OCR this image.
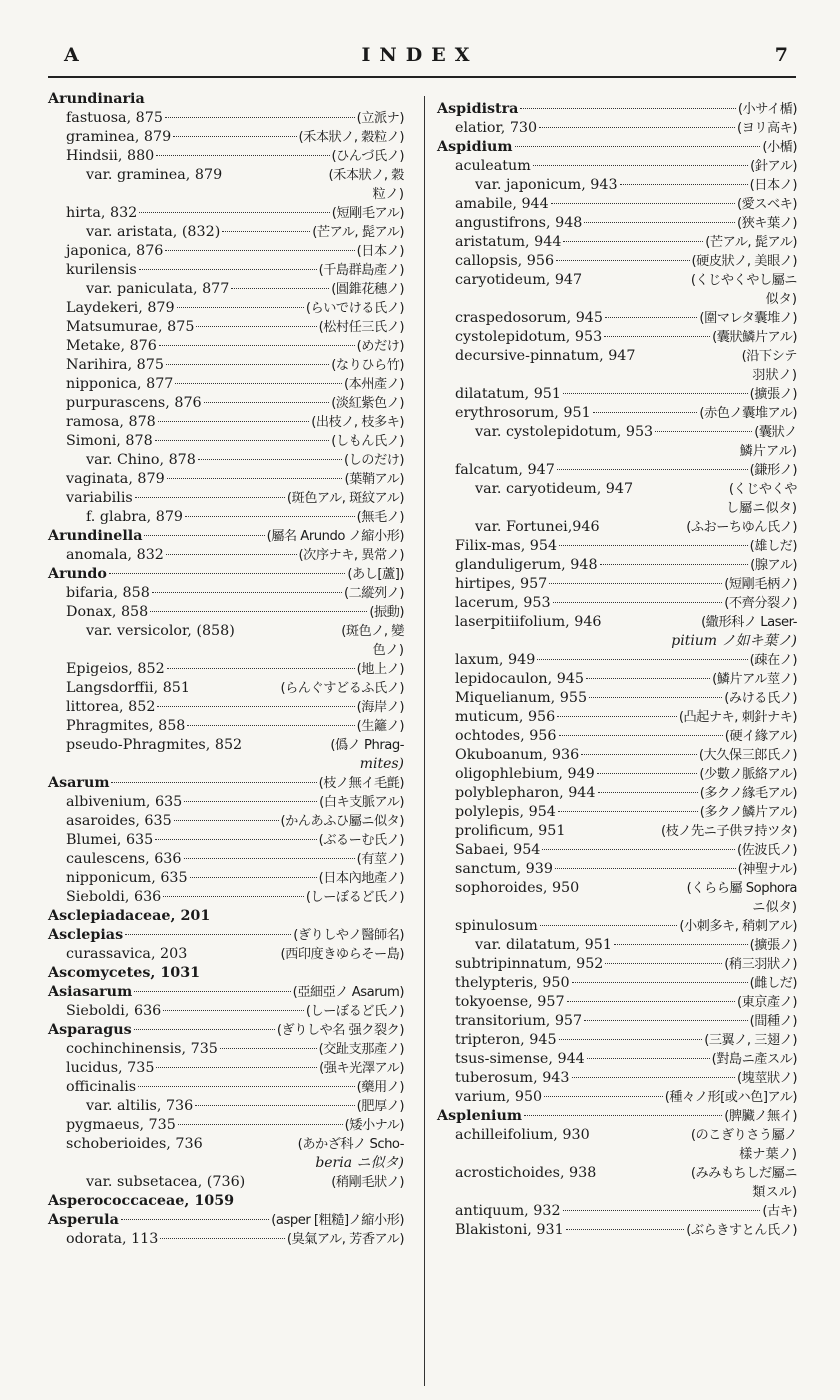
A	INDEX	7
Arundinaria
fastuosa, 875	(立派ナ)
graminea, 879	(禾本狀ノ, 穀粒ノ)
Hindsii, 880	(ひんづ氏ノ)
var. graminea, 879	(禾本狀ノ, 穀
粒ノ)
hirta, 832	(短剛毛アル)
var. aristata, (832)	(芒アル, 髭アル)
japonica, 876	(日本ノ)
kurilensis	(千島群島產ノ)
var. paniculata, 877	(圓錐花穗ノ)
Laydekeri, 879	(らいでける氏ノ)
Matsumurae, 875	(松村任三氏ノ)
Metake, 876	(めだけ)
Narihira, 875	(なりひら竹)
nipponica, 877	(本州產ノ)
purpurascens, 876	(淡紅紫色ノ)
ramosa, 878	(出枝ノ, 枝多キ)
Simoni, 878	(しもん氏ノ)
var. Chino, 878	(しのだけ)
vaginata, 879	(葉鞘アル)
variabilis	(斑色アル, 斑紋アル)
f. glabra, 879	(無毛ノ)
Arundinella	(屬名 Arundo ノ縮小形)
anomala, 832	(次序ナキ, 異常ノ)
Arundo	(あし[蘆])
bifaria, 858	(二縱列ノ)
Donax, 858	(振動)
var. versicolor, (858)	(斑色ノ, 變
色ノ)
Epigeios, 852	(地上ノ)
Langsdorffii, 851	(らんぐすどるふ氏ノ)
littorea, 852	(海岸ノ)
Phragmites, 858	(生籬ノ)
pseudo-Phragmites, 852	(僞ノ Phrag-
mites)
Asarum	(枝ノ無イ毛氈)
albivenium, 635	(白キ支脈アル)
asaroides, 635	(かんあふひ屬ニ似タ)
Blumei, 635	(ぶるーむ氏ノ)
caulescens, 636	(有莖ノ)
nipponicum, 635	(日本內地產ノ)
Sieboldi, 636	(しーぼるど氏ノ)
Asclepiadaceae, 201
Asclepias	(ぎりしやノ醫師名)
curassavica, 203	(西印度きゆらそー島)
Ascomycetes, 1031
Asiasarum	(亞細亞ノ Asarum)
Sieboldi, 636	(しーぼるど氏ノ)
Asparagus	(ぎりしや名 强ク裂ク)
cochinchinensis, 735	(交趾支那產ノ)
lucidus, 735	(强キ光澤アル)
officinalis	(藥用ノ)
var. altilis, 736	(肥厚ノ)
pygmaeus, 735	(矮小ナル)
schoberioides, 736	(あかざ科ノ Scho-
beria ニ似タ)
var. subsetacea, (736)	(稍剛毛狀ノ)
Asperococcaceae, 1059
Asperula	(asper [粗糙]ノ縮小形)
odorata, 113	(臭氣アル, 芳香アル)
Aspidistra	(小サイ楯)
elatior, 730	(ヨリ高キ)
Aspidium	(小楯)
aculeatum	(針アル)
var. japonicum, 943	(日本ノ)
amabile, 944	(愛スベキ)
angustifrons, 948	(狹キ葉ノ)
aristatum, 944	(芒アル, 髭アル)
callopsis, 956	(硬皮狀ノ, 美眼ノ)
caryotideum, 947	(くじやくやし屬ニ
似タ)
craspedosorum, 945	(圍マレタ囊堆ノ)
cystolepidotum, 953	(囊狀鱗片アル)
decursive-pinnatum, 947	(沿下シテ
羽狀ノ)
dilatatum, 951	(擴張ノ)
erythrosorum, 951	(赤色ノ囊堆アル)
var. cystolepidotum, 953	(囊狀ノ
鱗片アル)
falcatum, 947	(鎌形ノ)
var. caryotideum, 947	(くじやくや
し屬ニ似タ)
var. Fortunei,946	(ふおーちゆん氏ノ)
Filix-mas, 954	(雄しだ)
glanduligerum, 948	(腺アル)
hirtipes, 957	(短剛毛柄ノ)
lacerum, 953	(不齊分裂ノ)
laserpitiifolium, 946	(繖形科ノ Laser-
pitium ノ如キ葉ノ)
laxum, 949	(疎在ノ)
lepidocaulon, 945	(鱗片アル莖ノ)
Miquelianum, 955	(みける氏ノ)
muticum, 956	(凸起ナキ, 刺針ナキ)
ochtodes, 956	(硬イ緣アル)
Okuboanum, 936	(大久保三郎氏ノ)
oligophlebium, 949	(少數ノ脈絡アル)
polyblepharon, 944	(多クノ緣毛アル)
polylepis, 954	(多クノ鱗片アル)
prolificum, 951	(枝ノ先ニ子供ヲ持ツタ)
Sabaei, 954	(佐波氏ノ)
sanctum, 939	(神聖ナル)
sophoroides, 950	(くらら屬 Sophora
ニ似タ)
spinulosum	(小刺多キ, 稍刺アル)
var. dilatatum, 951	(擴張ノ)
subtripinnatum, 952	(稍三羽狀ノ)
thelypteris, 950	(雌しだ)
tokyoense, 957	(東京產ノ)
transitorium, 957	(間種ノ)
tripteron, 945	(三翼ノ, 三翅ノ)
tsus-simense, 944	(對島ニ產スル)
tuberosum, 943	(塊莖狀ノ)
varium, 950	(種々ノ形[或ハ色]アル)
Asplenium	(脾臟ノ無イ)
achilleifolium, 930	(のこぎりさう屬ノ
樣ナ葉ノ)
acrostichoides, 938	(みみもちしだ屬ニ
類スル)
antiquum, 932	(古キ)
Blakistoni, 931	(ぶらきすとん氏ノ)
